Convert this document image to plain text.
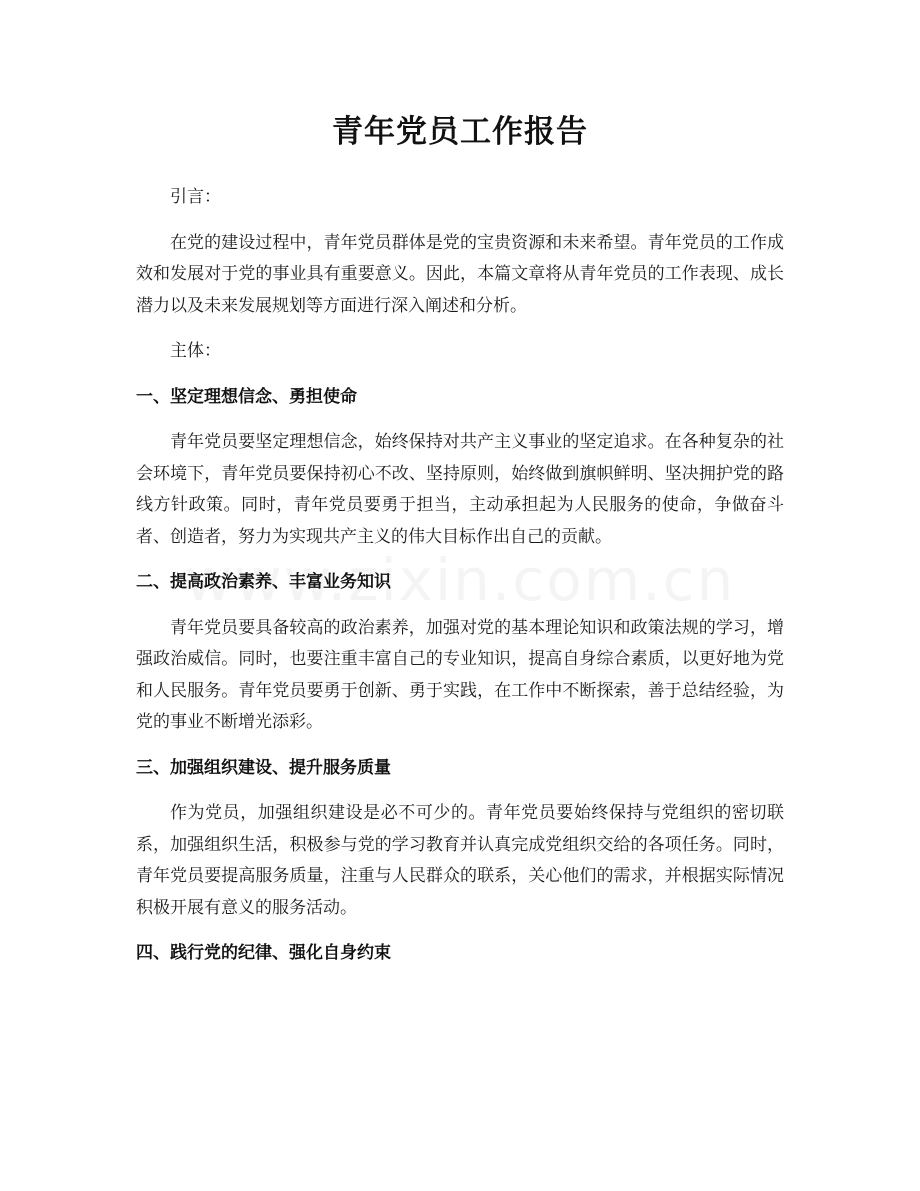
青年党员工作报告

引言：

在党的建设过程中，青年党员群体是党的宝贵资源和未来希望。青年党员的工作成效和发展对于党的事业具有重要意义。因此，本篇文章将从青年党员的工作表现、成长潜力以及未来发展规划等方面进行深入阐述和分析。

主体：

一、坚定理想信念、勇担使命

青年党员要坚定理想信念，始终保持对共产主义事业的坚定追求。在各种复杂的社会环境下，青年党员要保持初心不改、坚持原则，始终做到旗帜鲜明、坚决拥护党的路线方针政策。同时，青年党员要勇于担当，主动承担起为人民服务的使命，争做奋斗者、创造者，努力为实现共产主义的伟大目标作出自己的贡献。

二、提高政治素养、丰富业务知识

青年党员要具备较高的政治素养，加强对党的基本理论知识和政策法规的学习，增强政治威信。同时，也要注重丰富自己的专业知识，提高自身综合素质，以更好地为党和人民服务。青年党员要勇于创新、勇于实践，在工作中不断探索，善于总结经验，为党的事业不断增光添彩。

三、加强组织建设、提升服务质量

作为党员，加强组织建设是必不可少的。青年党员要始终保持与党组织的密切联系，加强组织生活，积极参与党的学习教育并认真完成党组织交给的各项任务。同时，青年党员要提高服务质量，注重与人民群众的联系，关心他们的需求，并根据实际情况积极开展有意义的服务活动。

四、践行党的纪律、强化自身约束
